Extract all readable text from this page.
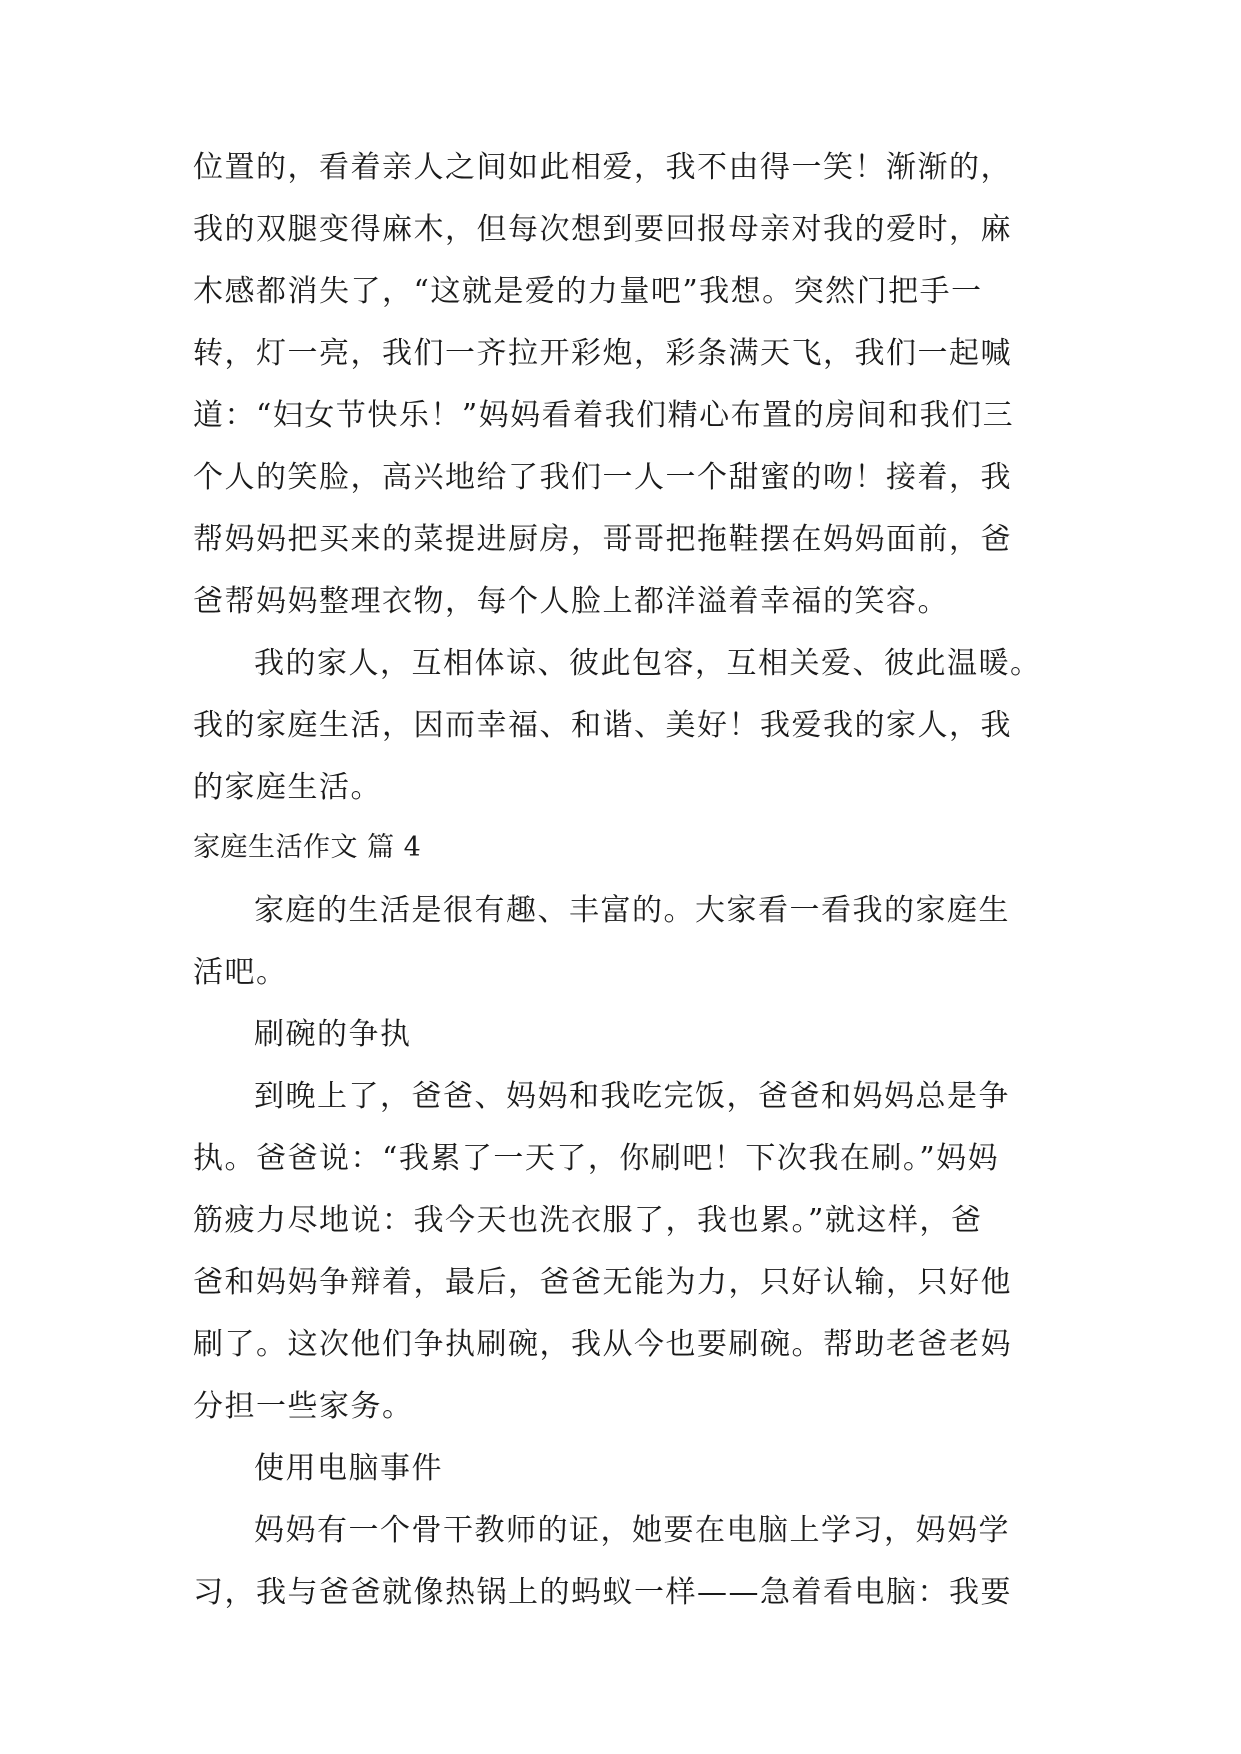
位置的，看着亲人之间如此相爱，我不由得一笑！渐渐的，
我的双腿变得麻木，但每次想到要回报母亲对我的爱时，麻
木感都消失了，“这就是爱的力量吧”我想。突然门把手一
转，灯一亮，我们一齐拉开彩炮，彩条满天飞，我们一起喊
道：“妇女节快乐！”妈妈看着我们精心布置的房间和我们三
个人的笑脸，高兴地给了我们一人一个甜蜜的吻！接着，我
帮妈妈把买来的菜提进厨房，哥哥把拖鞋摆在妈妈面前，爸
爸帮妈妈整理衣物，每个人脸上都洋溢着幸福的笑容。
我的家人，互相体谅、彼此包容，互相关爱、彼此温暖。
我的家庭生活，因而幸福、和谐、美好！我爱我的家人，我
的家庭生活。
家庭生活作文 篇 4
家庭的生活是很有趣、丰富的。大家看一看我的家庭生
活吧。
刷碗的争执
到晚上了，爸爸、妈妈和我吃完饭，爸爸和妈妈总是争
执。爸爸说：“我累了一天了，你刷吧！下次我在刷。”妈妈
筋疲力尽地说：我今天也洗衣服了，我也累。”就这样，爸
爸和妈妈争辩着，最后，爸爸无能为力，只好认输，只好他
刷了。这次他们争执刷碗，我从今也要刷碗。帮助老爸老妈
分担一些家务。
使用电脑事件
妈妈有一个骨干教师的证，她要在电脑上学习，妈妈学
习，我与爸爸就像热锅上的蚂蚁一样——急着看电脑：我要
